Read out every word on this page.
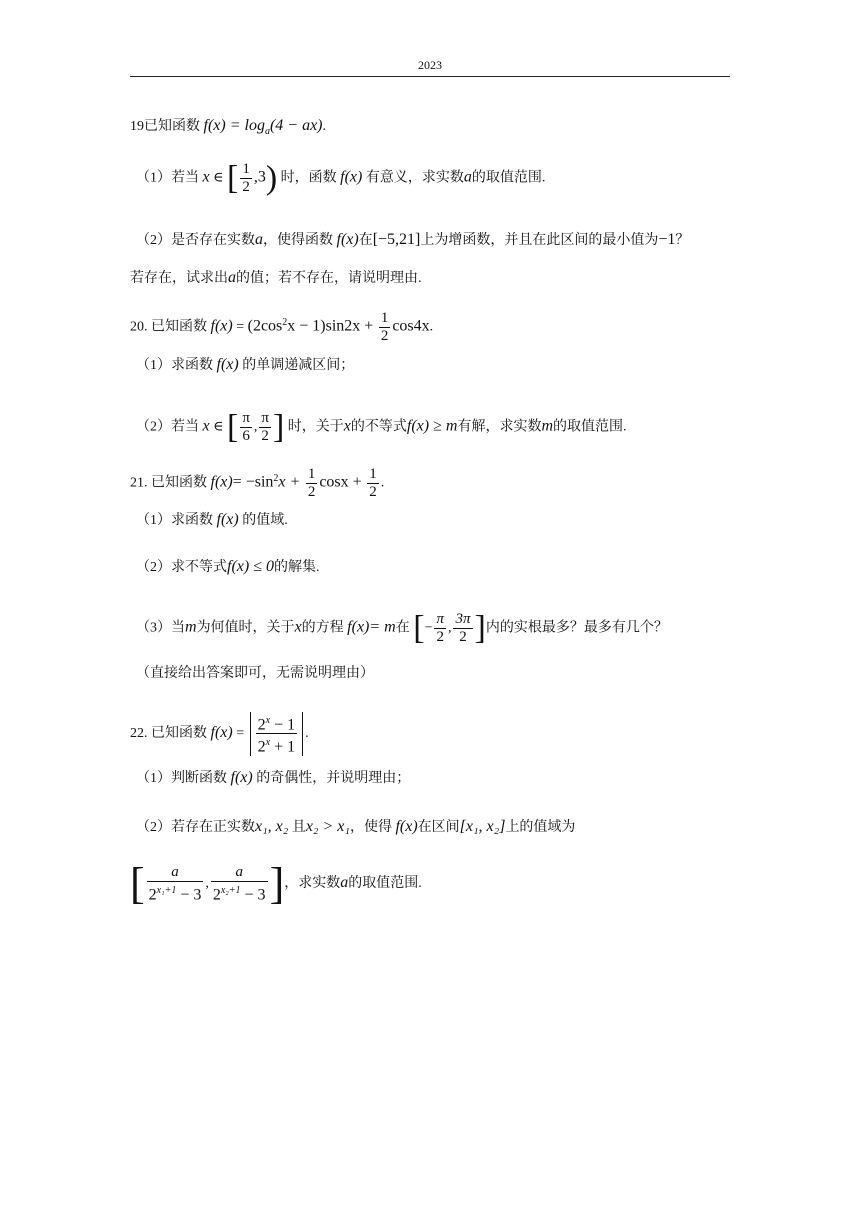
2023
19已知函数 $f(x) = \log_a(4 - ax)$.
（1）若当 x ∈ [ $\frac{1}{2} ,3$) 时，函数 f(x) 有意义，求实数a的取值范围.
（2）是否存在实数a，使得函数 f(x)在[−5,21]上为增函数，并且在此区间的最小值为−1？
若存在，试求出a的值；若不存在，请说明理由.
20. 已知函数 $f(x) = (2\cos^2x - 1)\sin 2x + \frac{1}{2} \cos 4x$.
（1）求函数 f(x) 的单调递减区间；
（2）若当 x ∈ [ $\frac{\pi}{6}$ , $\frac{\pi}{2}$ ] 时，关于x的不等式f(x) ≥ m有解，求实数m的取值范围.
21. 已知函数 $f(x)= -\sin^2x + \frac{1}{2}$ $\cos x + \frac{1}{2}$ .
（1）求函数 f(x) 的值域.
（2）求不等式f(x) ≤ 0的解集.
（3）当m为何值时，关于x的方程 f(x)= m在 [− $\frac{\pi}{2}$ , $\frac{3\pi}{2}$ ]内的实根最多？最多有几个？
（直接给出答案即可，无需说明理由）
22. 已知函数 $f(x) = \frac{2^x - 1}{2^x + 1}$ .
（1）判断函数 f(x) 的奇偶性，并说明理由；
（2）若存在正实数x₁, x₂ 且x₂ > x₁，使得 f(x)在区间[x₁, x₂]上的值域为
[ $\frac{a}{2^{x_1+1} - 3}$ , $\frac{a}{2^{x_2+1} - 3}$ ]，求实数a的取值范围.
